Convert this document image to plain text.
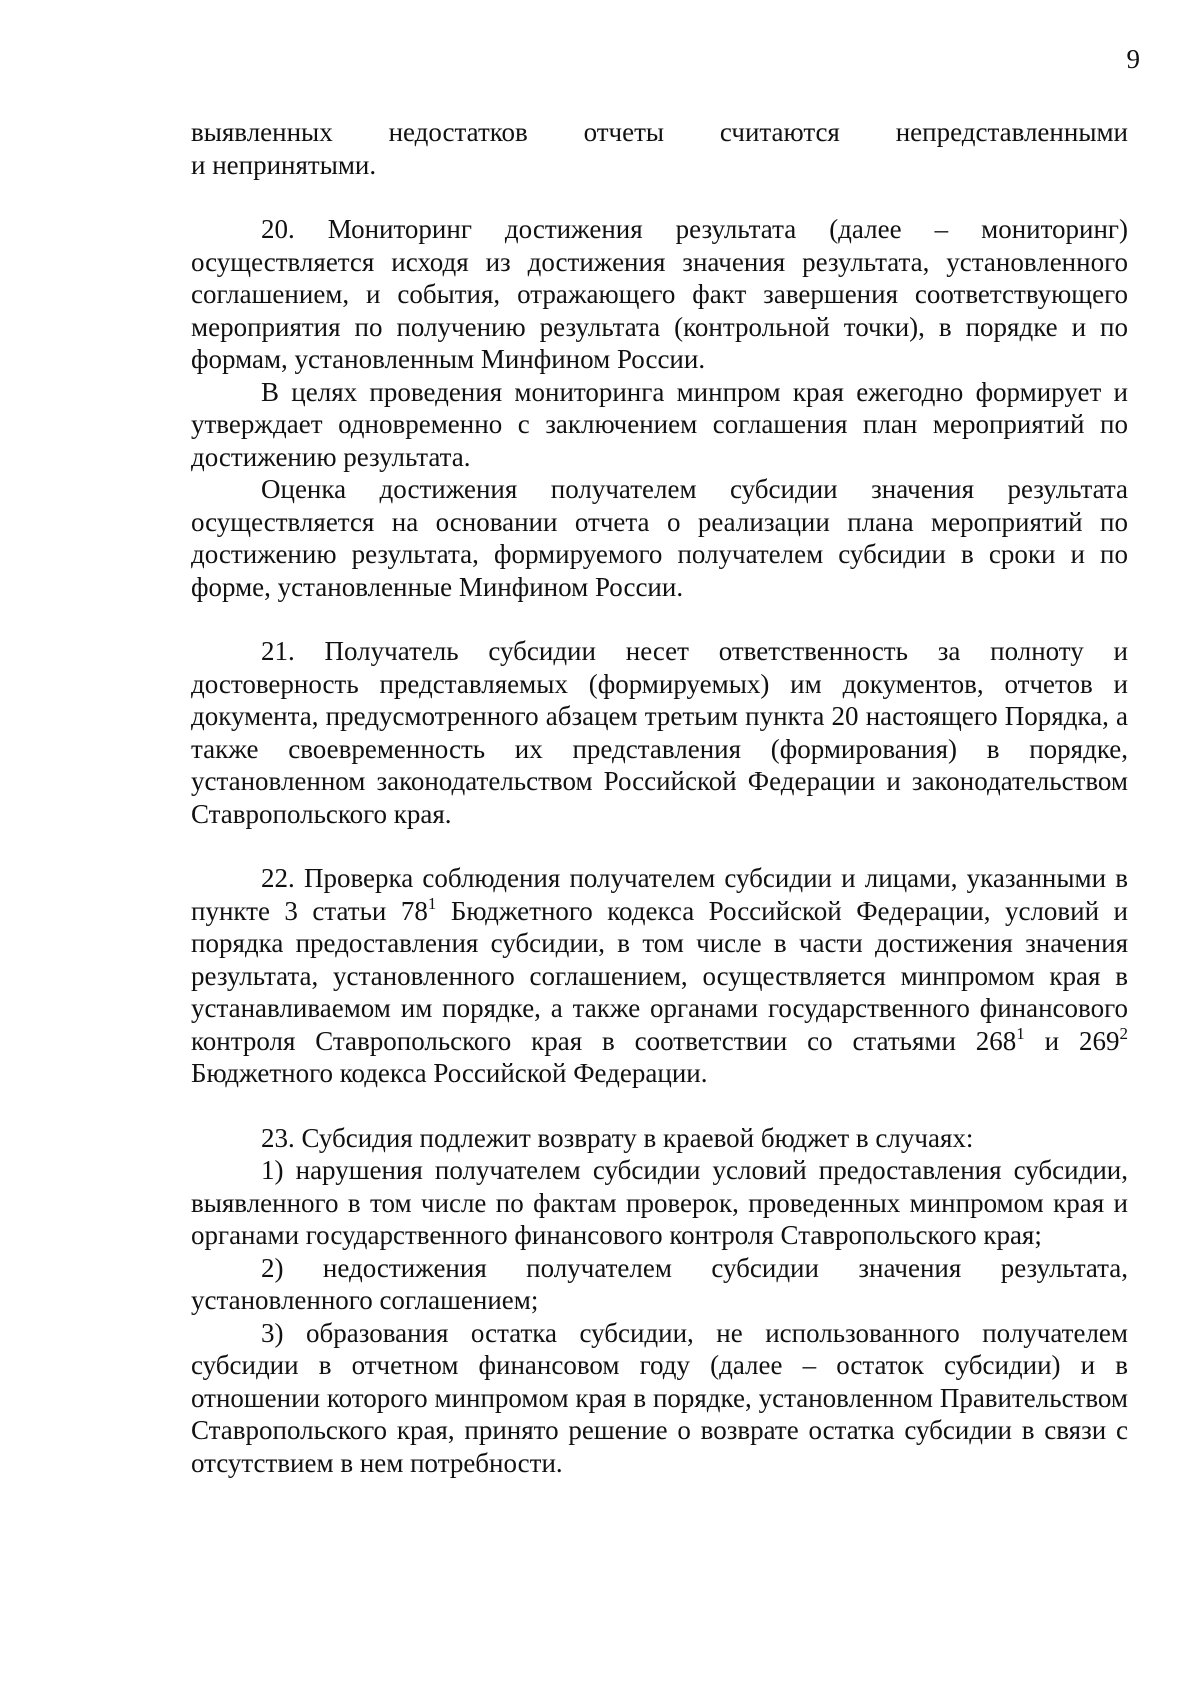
9

выявленных недостатков отчеты считаются непредставленными

и непринятыми.

20. Мониторинг достижения результата (далее – мониторинг) осуществляется исходя из достижения значения результата, установленного соглашением, и события, отражающего факт завершения соответствующего мероприятия по получению результата (контрольной точки), в порядке и по формам, установленным Минфином России.

В целях проведения мониторинга минпром края ежегодно формирует и утверждает одновременно с заключением соглашения план мероприятий по достижению результата.

Оценка достижения получателем субсидии значения результата осуществляется на основании отчета о реализации плана мероприятий по достижению результата, формируемого получателем субсидии в сроки и по форме, установленные Минфином России.

21. Получатель субсидии несет ответственность за полноту и достоверность представляемых (формируемых) им документов, отчетов и документа, предусмотренного абзацем третьим пункта 20 настоящего Порядка, а также своевременность их представления (формирования) в порядке, установленном законодательством Российской Федерации и законодательством Ставропольского края.

22. Проверка соблюдения получателем субсидии и лицами, указанными в пункте 3 статьи $78^1$ Бюджетного кодекса Российской Федерации, условий и порядка предоставления субсидии, в том числе в части достижения значения результата, установленного соглашением, осуществляется минпромом края в устанавливаемом им порядке, а также органами государственного финансового контроля Ставропольского края в соответствии со статьями $268^1$ и $269^2$ Бюджетного кодекса Российской Федерации.

23. Субсидия подлежит возврату в краевой бюджет в случаях:

1) нарушения получателем субсидии условий предоставления субсидии, выявленного в том числе по фактам проверок, проведенных минпромом края и органами государственного финансового контроля Ставропольского края;

2) недостижения получателем субсидии значения результата, установленного соглашением;

3) образования остатка субсидии, не использованного получателем субсидии в отчетном финансовом году (далее – остаток субсидии) и в отношении которого минпромом края в порядке, установленном Правительством Ставропольского края, принято решение о возврате остатка субсидии в связи с отсутствием в нем потребности.
